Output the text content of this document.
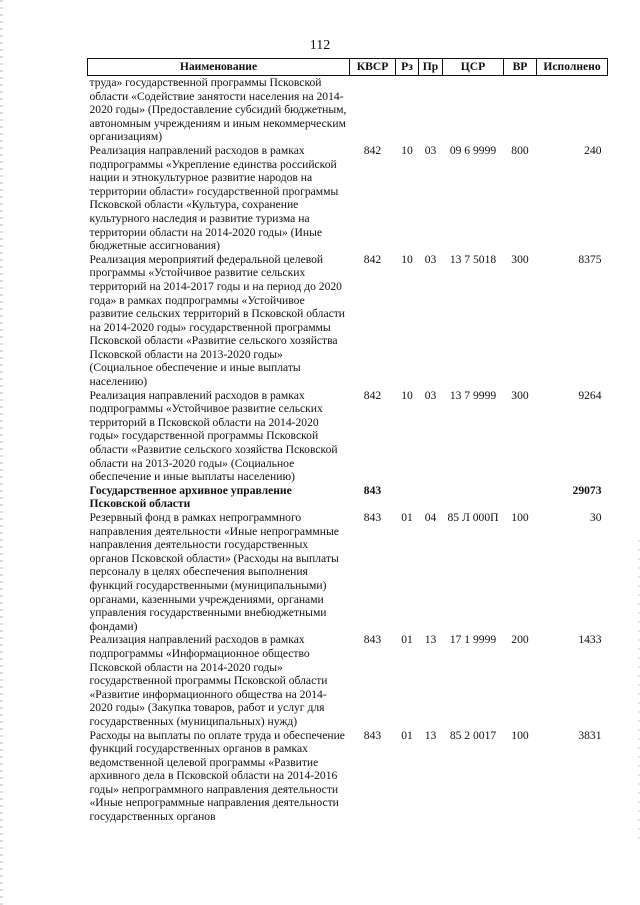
112
Наименование	КВСР	Рз	Пр	ЦСР	ВР	Исполнено
труда» государственной программы Псковской области «Содействие занятости населения на 2014-2020 годы» (Предоставление субсидий бюджетным, автономным учреждениям и иным некоммерческим организациям)						
Реализация направлений расходов в рамках подпрограммы «Укрепление единства российской нации и этнокультурное развитие народов на территории области» государственной программы Псковской области «Культура, сохранение культурного наследия и развитие туризма на территории области на 2014-2020 годы» (Иные бюджетные ассигнования)	842	10	03	09 6 9999	800	240
Реализация мероприятий федеральной целевой программы «Устойчивое развитие сельских территорий на 2014-2017 годы и на период до 2020 года» в рамках подпрограммы «Устойчивое развитие сельских территорий в Псковской области на 2014-2020 годы» государственной программы Псковской области «Развитие сельского хозяйства Псковской области на 2013-2020 годы» (Социальное обеспечение и иные выплаты населению)	842	10	03	13 7 5018	300	8375
Реализация направлений расходов в рамках подпрограммы «Устойчивое развитие сельских территорий в Псковской области на 2014-2020 годы» государственной программы Псковской области «Развитие сельского хозяйства Псковской области на 2013-2020 годы» (Социальное обеспечение и иные выплаты населению)	842	10	03	13 7 9999	300	9264
Государственное архивное управление Псковской области	843					29073
Резервный фонд в рамках непрограммного направления деятельности «Иные непрограммные направления деятельности государственных органов Псковской области» (Расходы на выплаты персоналу в целях обеспечения выполнения функций государственными (муниципальными) органами, казенными учреждениями, органами управления государственными внебюджетными фондами)	843	01	04	85 Л 000П	100	30
Реализация направлений расходов в рамках подпрограммы «Информационное общество Псковской области на 2014-2020 годы» государственной программы Псковской области «Развитие информационного общества на 2014-2020 годы» (Закупка товаров, работ и услуг для государственных (муниципальных) нужд)	843	01	13	17 1 9999	200	1433
Расходы на выплаты по оплате труда и обеспечение функций государственных органов в рамках ведомственной целевой программы «Развитие архивного дела в Псковской области на 2014-2016 годы» непрограммного направления деятельности «Иные непрограммные направления деятельности государственных органов	843	01	13	85 2 0017	100	3831
